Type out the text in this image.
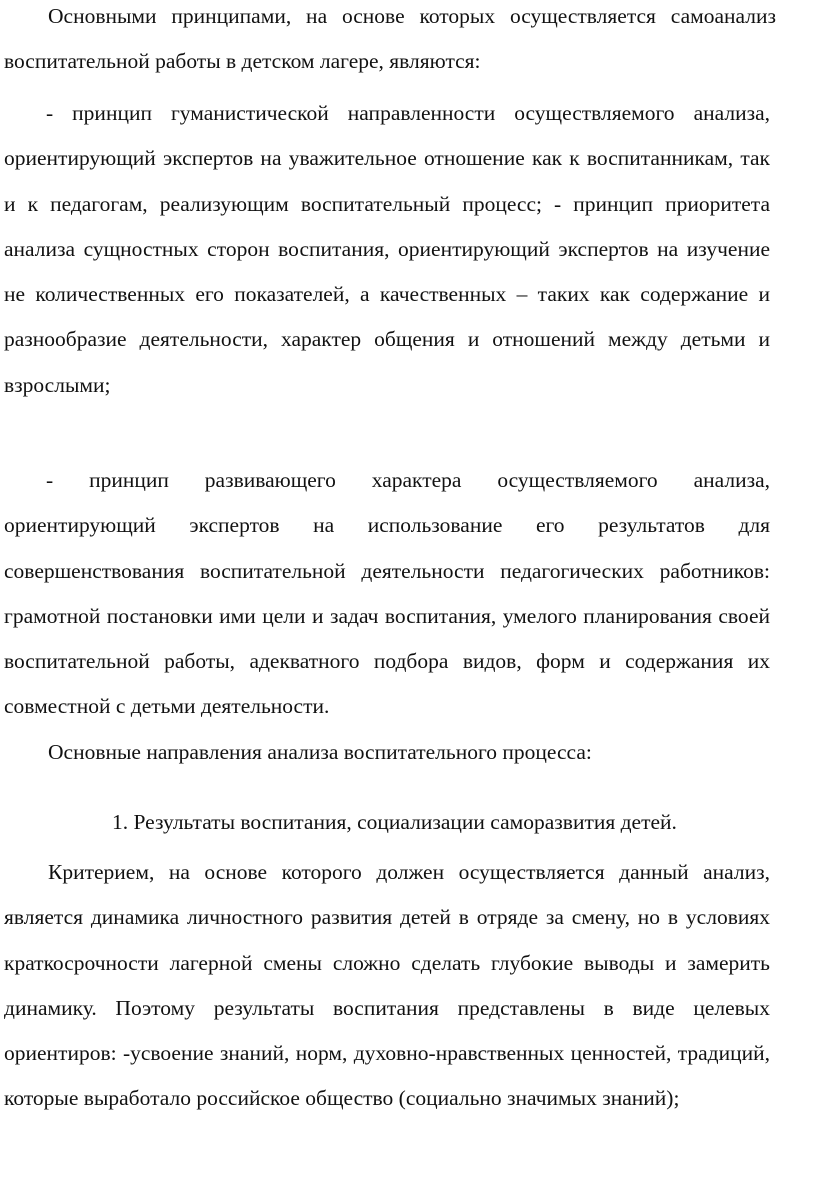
Основными принципами, на основе которых осуществляется самоанализ воспитательной работы в детском лагере, являются:

- принцип гуманистической направленности осуществляемого анализа, ориентирующий экспертов на уважительное отношение как к воспитанникам, так и к педагогам, реализующим воспитательный процесс; - принцип приоритета анализа сущностных сторон воспитания, ориентирующий экспертов на изучение не количественных его показателей, а качественных – таких как содержание и разнообразие деятельности, характер общения и отношений между детьми и взрослыми;

- принцип развивающего характера осуществляемого анализа, ориентирующий экспертов на использование его результатов для совершенствования воспитательной деятельности педагогических работников: грамотной постановки ими цели и задач воспитания, умелого планирования своей воспитательной работы, адекватного подбора видов, форм и содержания их совместной с детьми деятельности.

Основные направления анализа воспитательного процесса:

1. Результаты воспитания, социализации саморазвития детей.

Критерием, на основе которого должен осуществляется данный анализ, является динамика личностного развития детей в отряде за смену, но в условиях краткосрочности лагерной смены сложно сделать глубокие выводы и замерить динамику. Поэтому результаты воспитания представлены в виде целевых ориентиров: -усвоение знаний, норм, духовно-нравственных ценностей, традиций, которые выработало российское общество (социально значимых знаний);
